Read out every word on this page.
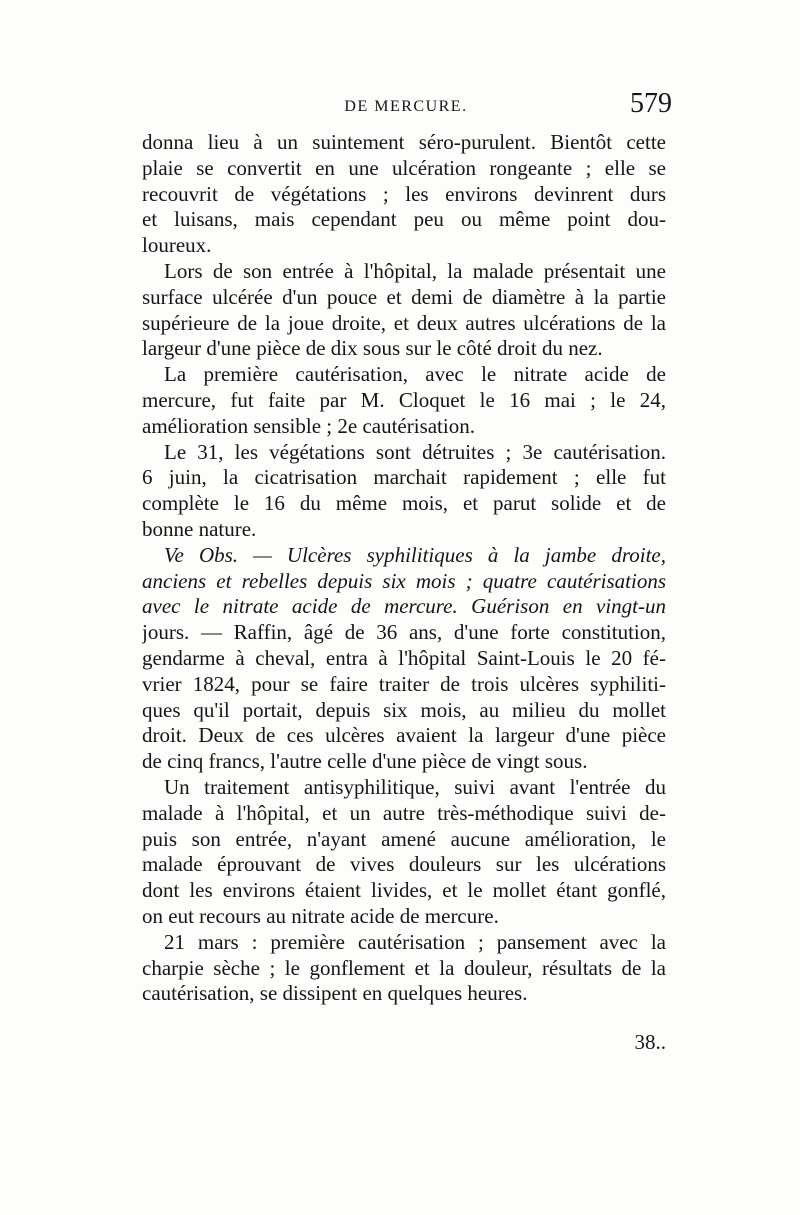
DE MERCURE.	579
donna lieu à un suintement séro-purulent. Bientôt cette
plaie se convertit en une ulcération rongeante ; elle se
recouvrit de végétations ; les environs devinrent durs
et luisans, mais cependant peu ou même point dou-
loureux.
Lors de son entrée à l'hôpital, la malade présentait une
surface ulcérée d'un pouce et demi de diamètre à la partie
supérieure de la joue droite, et deux autres ulcérations de la
largeur d'une pièce de dix sous sur le côté droit du nez.
La première cautérisation, avec le nitrate acide de
mercure, fut faite par M. Cloquet le 16 mai ; le 24,
amélioration sensible ; 2e cautérisation.
Le 31, les végétations sont détruites ; 3e cautérisation.
6 juin, la cicatrisation marchait rapidement ; elle fut
complète le 16 du même mois, et parut solide et de
bonne nature.
Ve Obs. — Ulcères syphilitiques à la jambe droite,
anciens et rebelles depuis six mois ; quatre cautérisations
avec le nitrate acide de mercure. Guérison en vingt-un
jours. — Raffin, âgé de 36 ans, d'une forte constitution,
gendarme à cheval, entra à l'hôpital Saint-Louis le 20 fé-
vrier 1824, pour se faire traiter de trois ulcères syphiliti-
ques qu'il portait, depuis six mois, au milieu du mollet
droit. Deux de ces ulcères avaient la largeur d'une pièce
de cinq francs, l'autre celle d'une pièce de vingt sous.
Un traitement antisyphilitique, suivi avant l'entrée du
malade à l'hôpital, et un autre très-méthodique suivi de-
puis son entrée, n'ayant amené aucune amélioration, le
malade éprouvant de vives douleurs sur les ulcérations
dont les environs étaient livides, et le mollet étant gonflé,
on eut recours au nitrate acide de mercure.
21 mars : première cautérisation ; pansement avec la
charpie sèche ; le gonflement et la douleur, résultats de la
cautérisation, se dissipent en quelques heures.
38..
